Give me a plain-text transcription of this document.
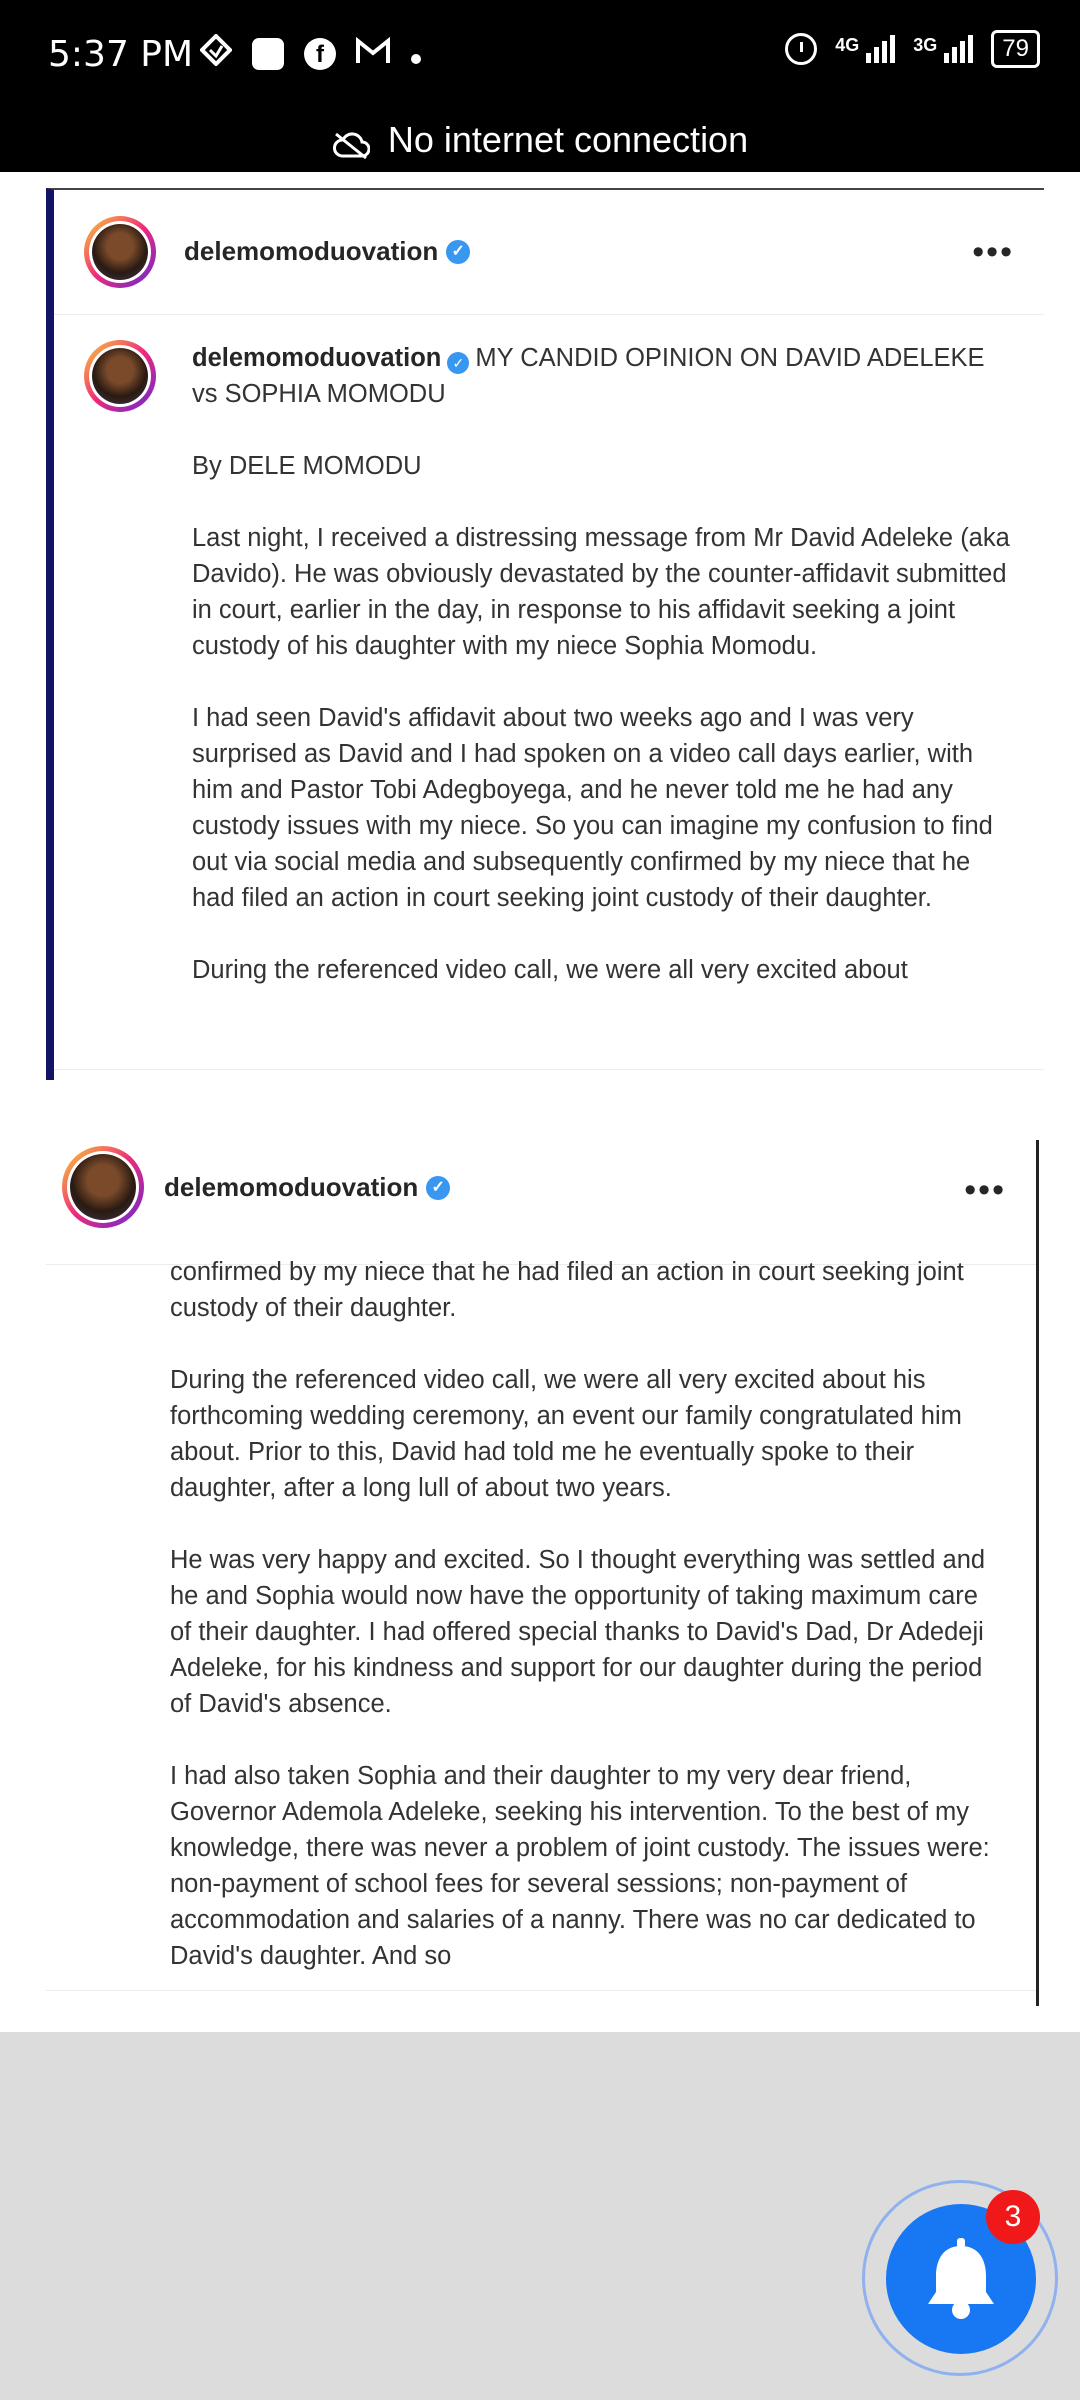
5:37 PM	f	4G	3G	79
No internet connection
delemomoduovation ✓	•••

delemomoduovation ✓ MY CANDID OPINION ON DAVID ADELEKE vs SOPHIA MOMODU

By DELE MOMODU

Last night, I received a distressing message from Mr David Adeleke (aka Davido). He was obviously devastated by the counter-affidavit submitted in court, earlier in the day, in response to his affidavit seeking a joint custody of his daughter with my niece Sophia Momodu.

I had seen David's affidavit about two weeks ago and I was very surprised as David and I had spoken on a video call days earlier, with him and Pastor Tobi Adegboyega, and he never told me he had any custody issues with my niece. So you can imagine my confusion to find out via social media and subsequently confirmed by my niece that he had filed an action in court seeking joint custody of their daughter.

During the referenced video call, we were all very excited about

delemomoduovation ✓	•••

confirmed by my niece that he had filed an action in court seeking joint custody of their daughter.

During the referenced video call, we were all very excited about his forthcoming wedding ceremony, an event our family congratulated him about. Prior to this, David had told me he eventually spoke to their daughter, after a long lull of about two years.

He was very happy and excited. So I thought everything was settled and he and Sophia would now have the opportunity of taking maximum care of their daughter. I had offered special thanks to David's Dad, Dr Adedeji Adeleke, for his kindness and support for our daughter during the period of David's absence.

I had also taken Sophia and their daughter to my very dear friend, Governor Ademola Adeleke, seeking his intervention. To the best of my knowledge, there was never a problem of joint custody. The issues were: non-payment of school fees for several sessions; non-payment of accommodation and salaries of a nanny. There was no car dedicated to David's daughter. And so

3
